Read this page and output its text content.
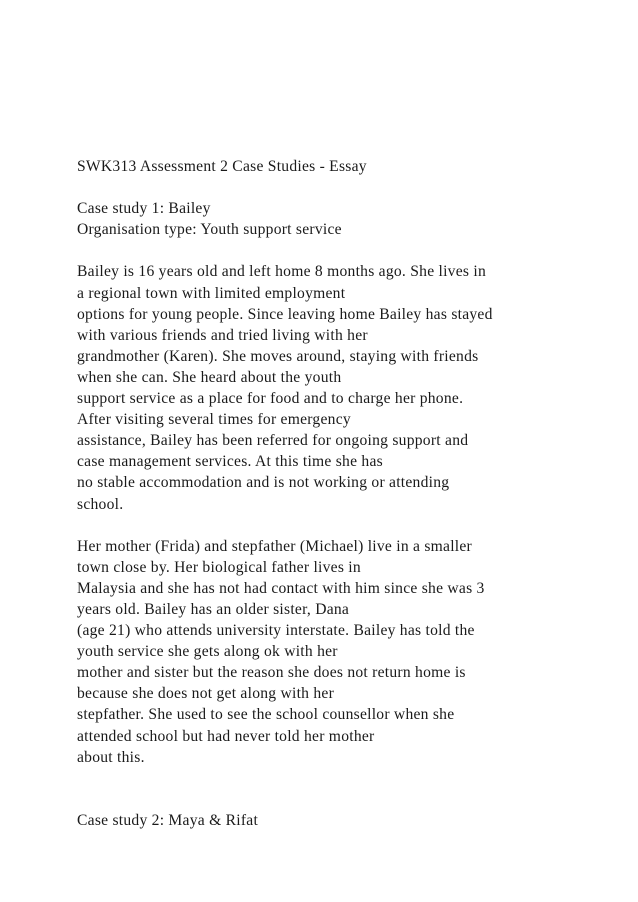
SWK313 Assessment 2 Case Studies - Essay
Case study 1: Bailey
Organisation type: Youth support service
Bailey is 16 years old and left home 8 months ago. She lives in
a regional town with limited employment
options for young people. Since leaving home Bailey has stayed
with various friends and tried living with her
grandmother (Karen). She moves around, staying with friends
when she can. She heard about the youth
support service as a place for food and to charge her phone.
After visiting several times for emergency
assistance, Bailey has been referred for ongoing support and
case management services. At this time she has
no stable accommodation and is not working or attending
school.
Her mother (Frida) and stepfather (Michael) live in a smaller
town close by. Her biological father lives in
Malaysia and she has not had contact with him since she was 3
years old. Bailey has an older sister, Dana
(age 21) who attends university interstate. Bailey has told the
youth service she gets along ok with her
mother and sister but the reason she does not return home is
because she does not get along with her
stepfather. She used to see the school counsellor when she
attended school but had never told her mother
about this.
Case study 2: Maya & Rifat
